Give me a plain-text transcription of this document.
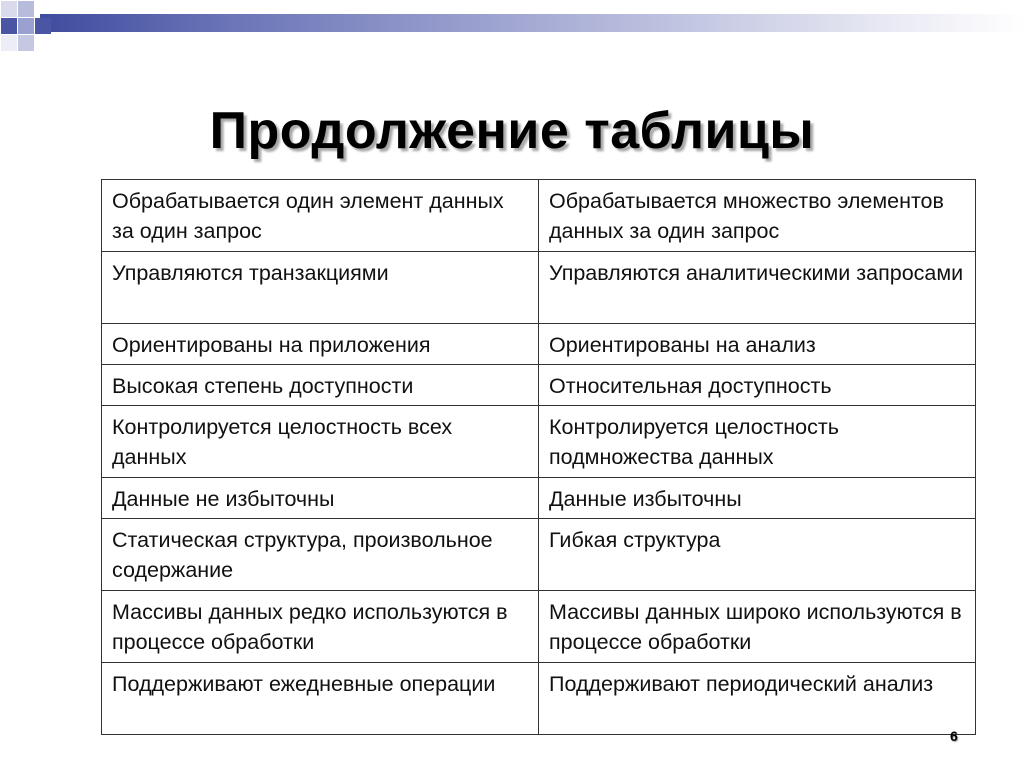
Продолжение таблицы
Обрабатывается один элемент данных за один запрос	Обрабатывается множество элементов данных за один запрос
Управляются транзакциями	Управляются аналитическими запросами
Ориентированы на приложения	Ориентированы на анализ
Высокая степень доступности	Относительная доступность
Контролируется целостность всех данных	Контролируется целостность подмножества данных
Данные не избыточны	Данные избыточны
Статическая структура, произвольное содержание	Гибкая структура
Массивы данных редко используются в процессе обработки	Массивы данных широко используются в процессе обработки
Поддерживают ежедневные операции	Поддерживают периодический анализ
6
